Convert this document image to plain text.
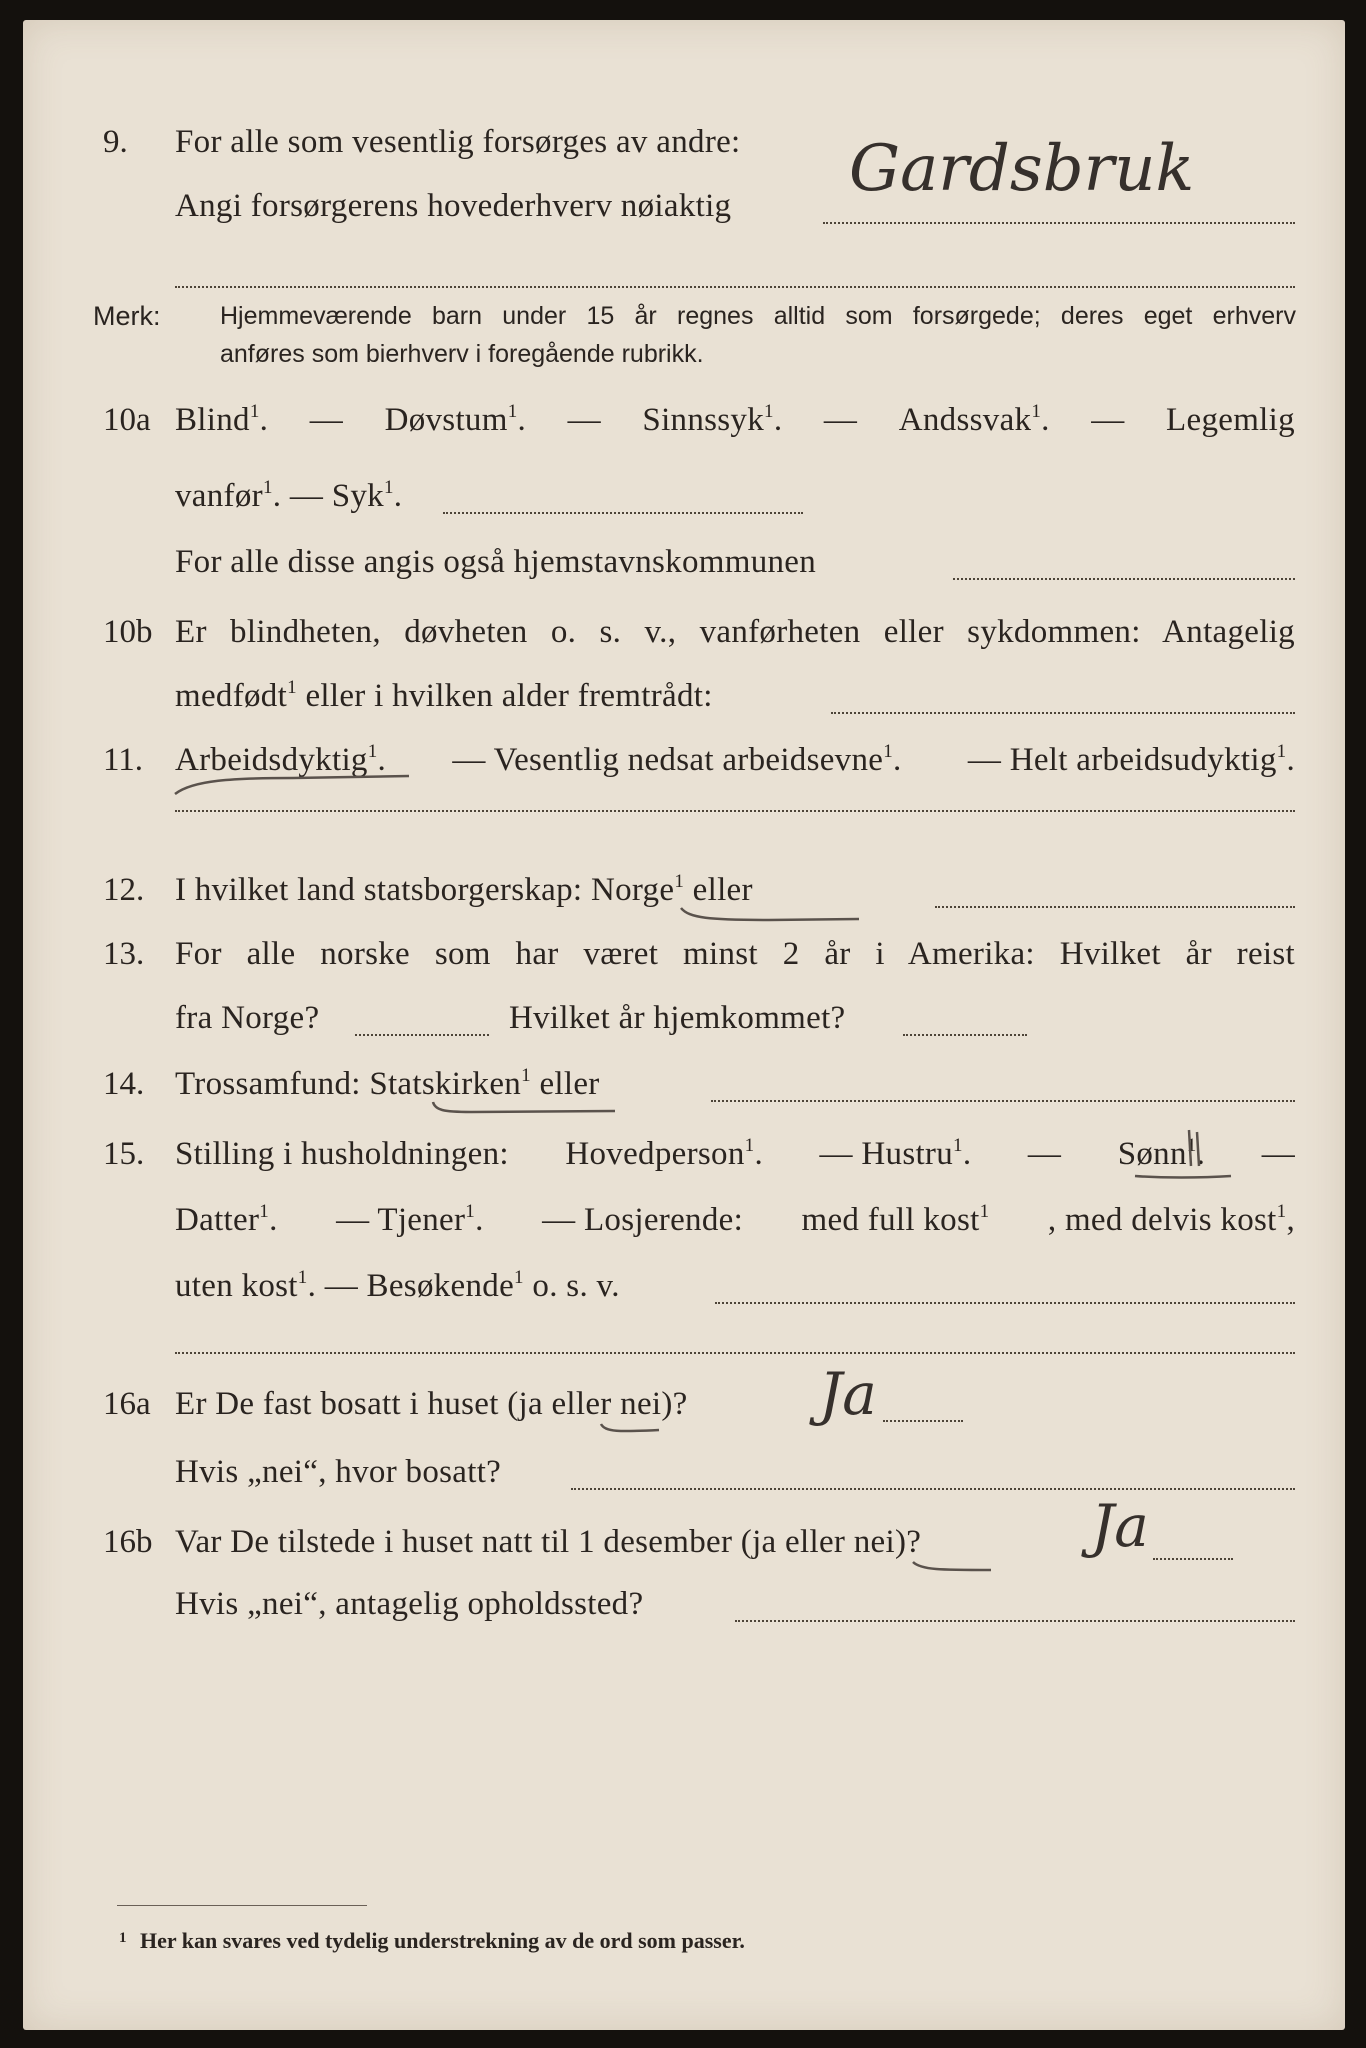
9. For alle som vesentlig forsørges av andre:
Angi forsørgerens hovederhverv nøiaktig Gardsbruk
Merk: Hjemmeværende barn under 15 år regnes alltid som forsørgede; deres eget erhverv
anføres som bierhverv i foregående rubrikk.
10a Blind$^1$. — Døvstum$^1$. — Sinnssyk$^1$. — Andssvak$^1$. — Legemlig
vanfør$^1$. — Syk$^1$.
For alle disse angis også hjemstavnskommunen
10b Er blindheten, døvheten o. s. v., vanførheten eller sykdommen: Antagelig
medfødt$^1$ eller i hvilken alder fremtrådt:
11. Arbeidsdyktig$^1$. — Vesentlig nedsat arbeidsevne$^1$. — Helt arbeidsudyktig$^1$.
12. I hvilket land statsborgerskap: Norge$^1$ eller
13. For alle norske som har været minst 2 år i Amerika: Hvilket år reist
fra Norge?	Hvilket år hjemkommet?
14. Trossamfund: Statskirken$^1$ eller
15. Stilling i husholdningen: Hovedperson$^1$. — Hustru$^1$. — Sønn$^1$. —
Datter$^1$. — Tjener$^1$. — Losjerende: med full kost$^1$ , med delvis kost$^1$,
uten kost$^1$. — Besøkende$^1$ o. s. v.
16a Er De fast bosatt i huset (ja eller nei)? Ja
Hvis „nei“, hvor bosatt?
16b Var De tilstede i huset natt til 1 desember (ja eller nei)?	Ja
Hvis „nei“, antagelig opholdssted?
$^1$ Her kan svares ved tydelig understrekning av de ord som passer.
